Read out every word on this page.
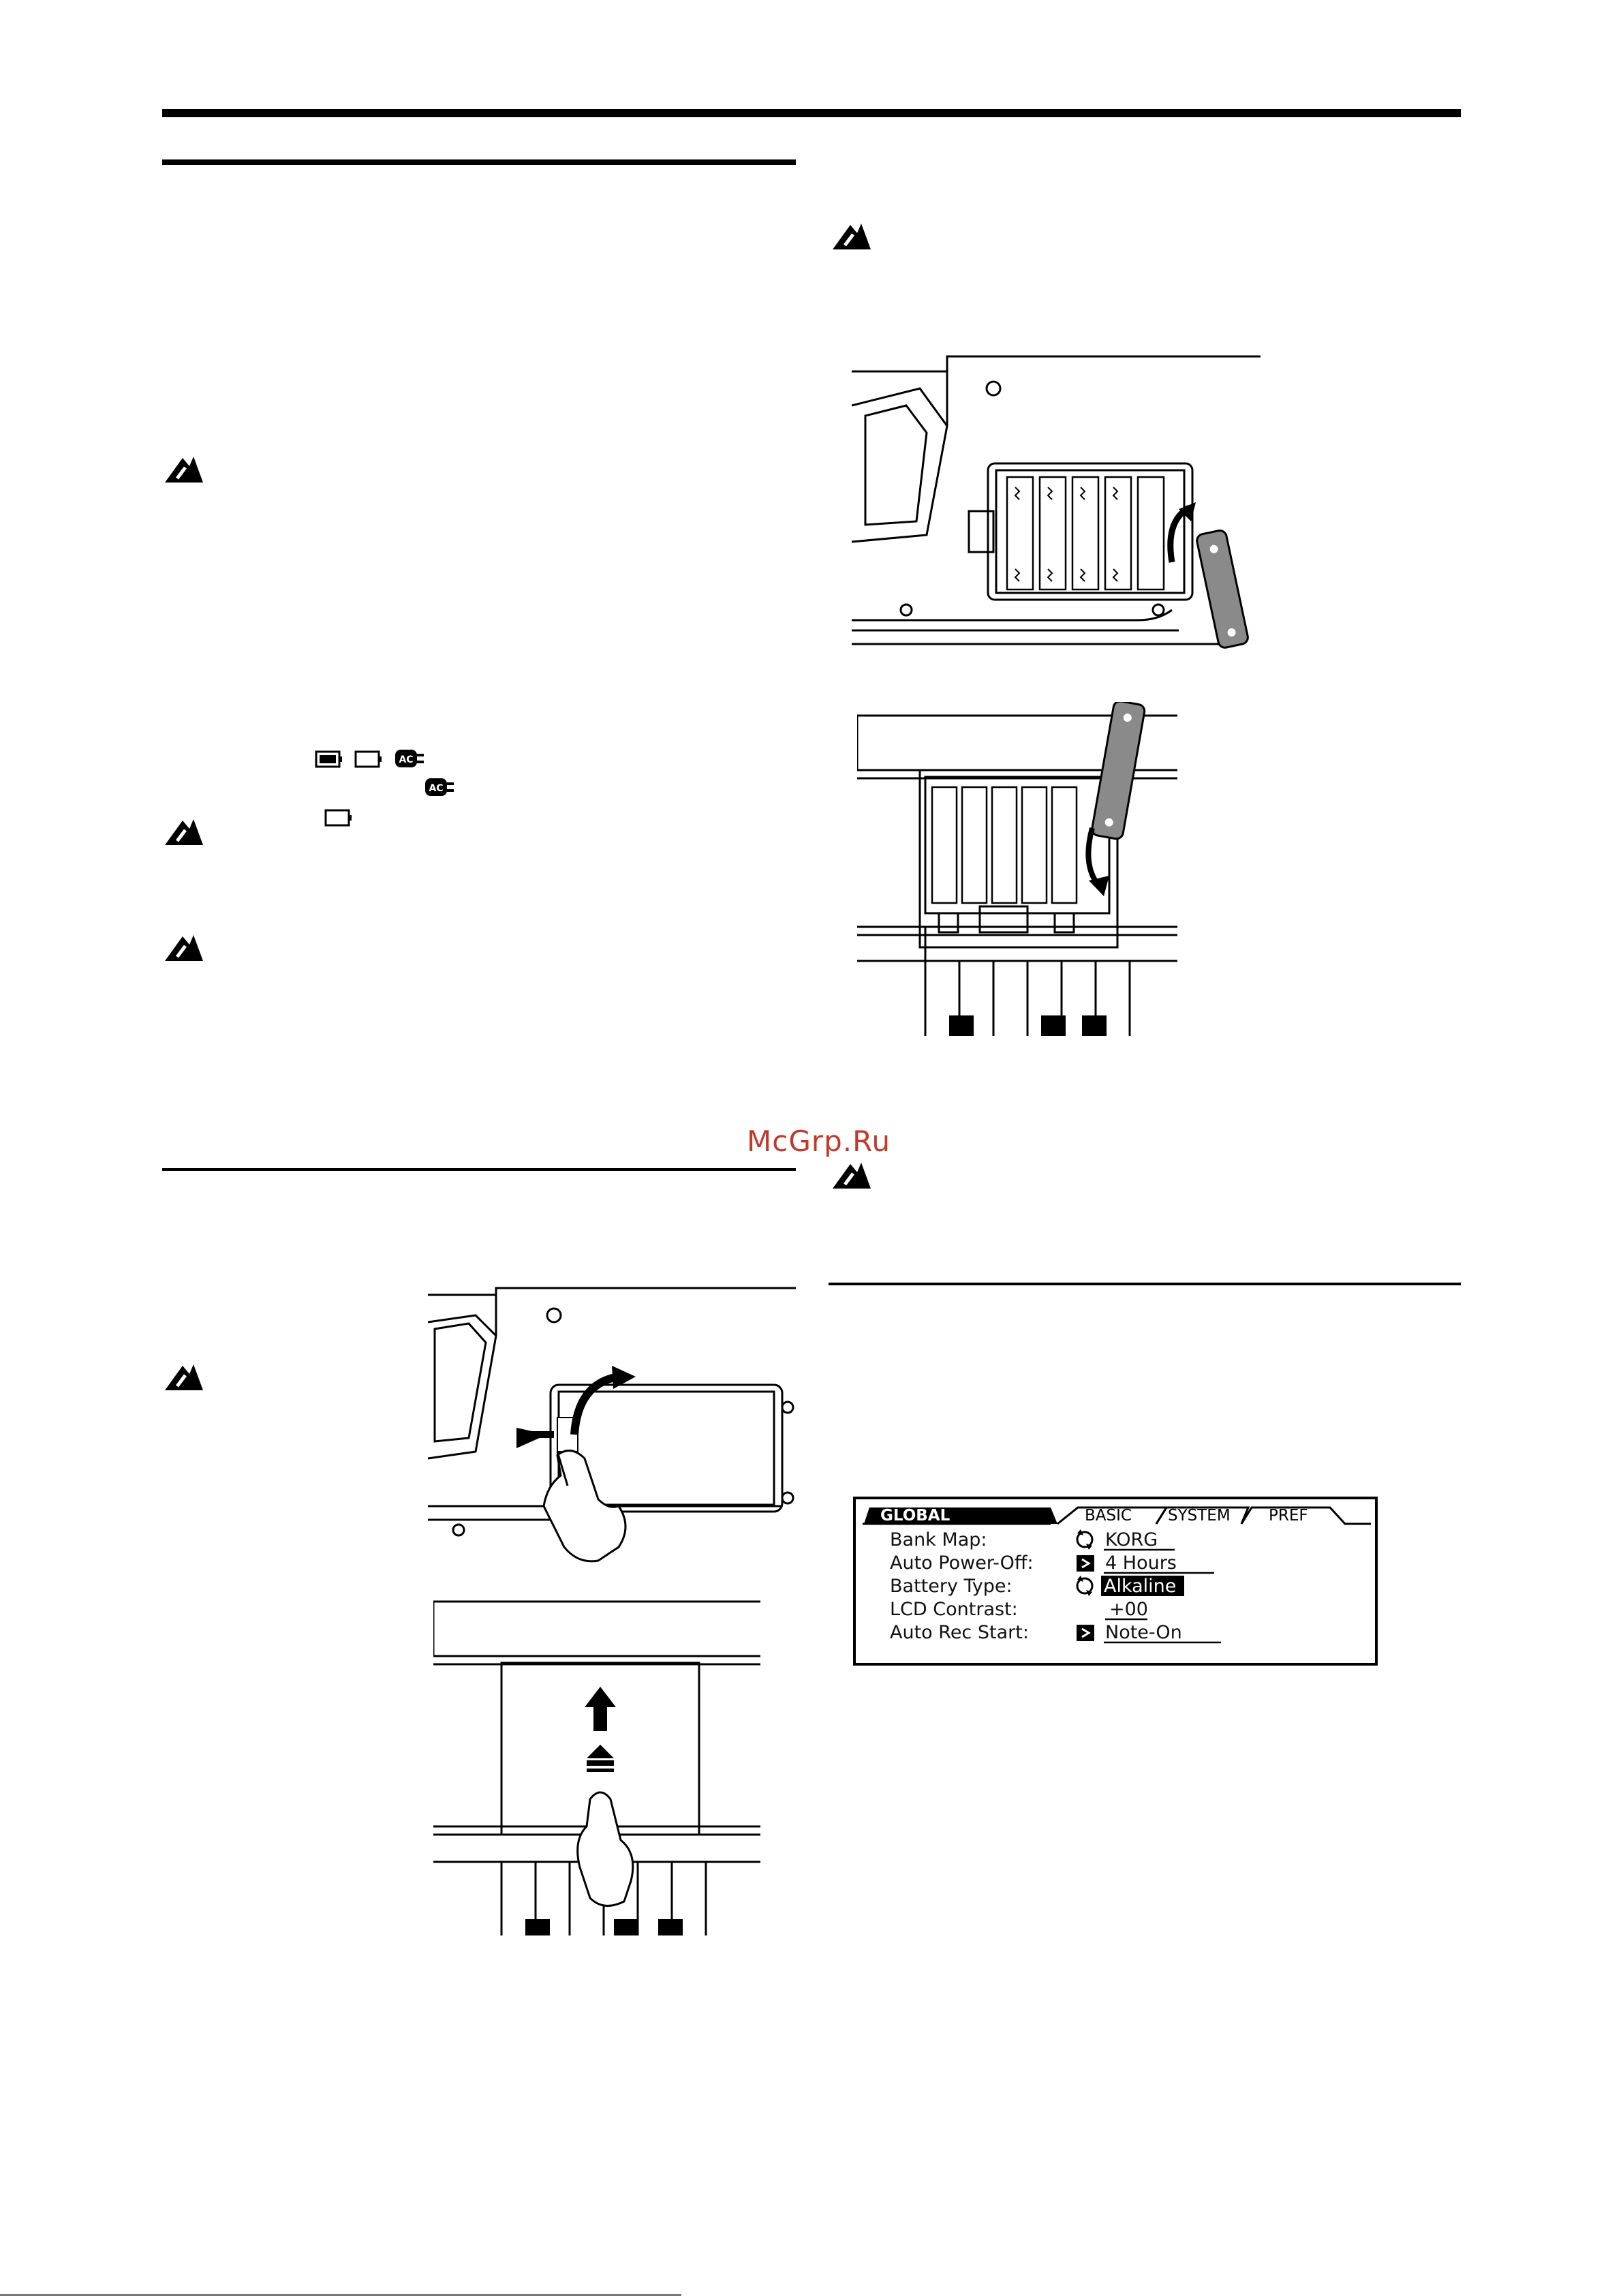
AC
AC
McGrp.Ru
GLOBAL	BASIC SYSTEM PREF
Bank Map:	KORG
Auto Power-Off:	4 Hours
Battery Type:	Alkaline
LCD Contrast:	+00
Auto Rec Start:	Note-On
